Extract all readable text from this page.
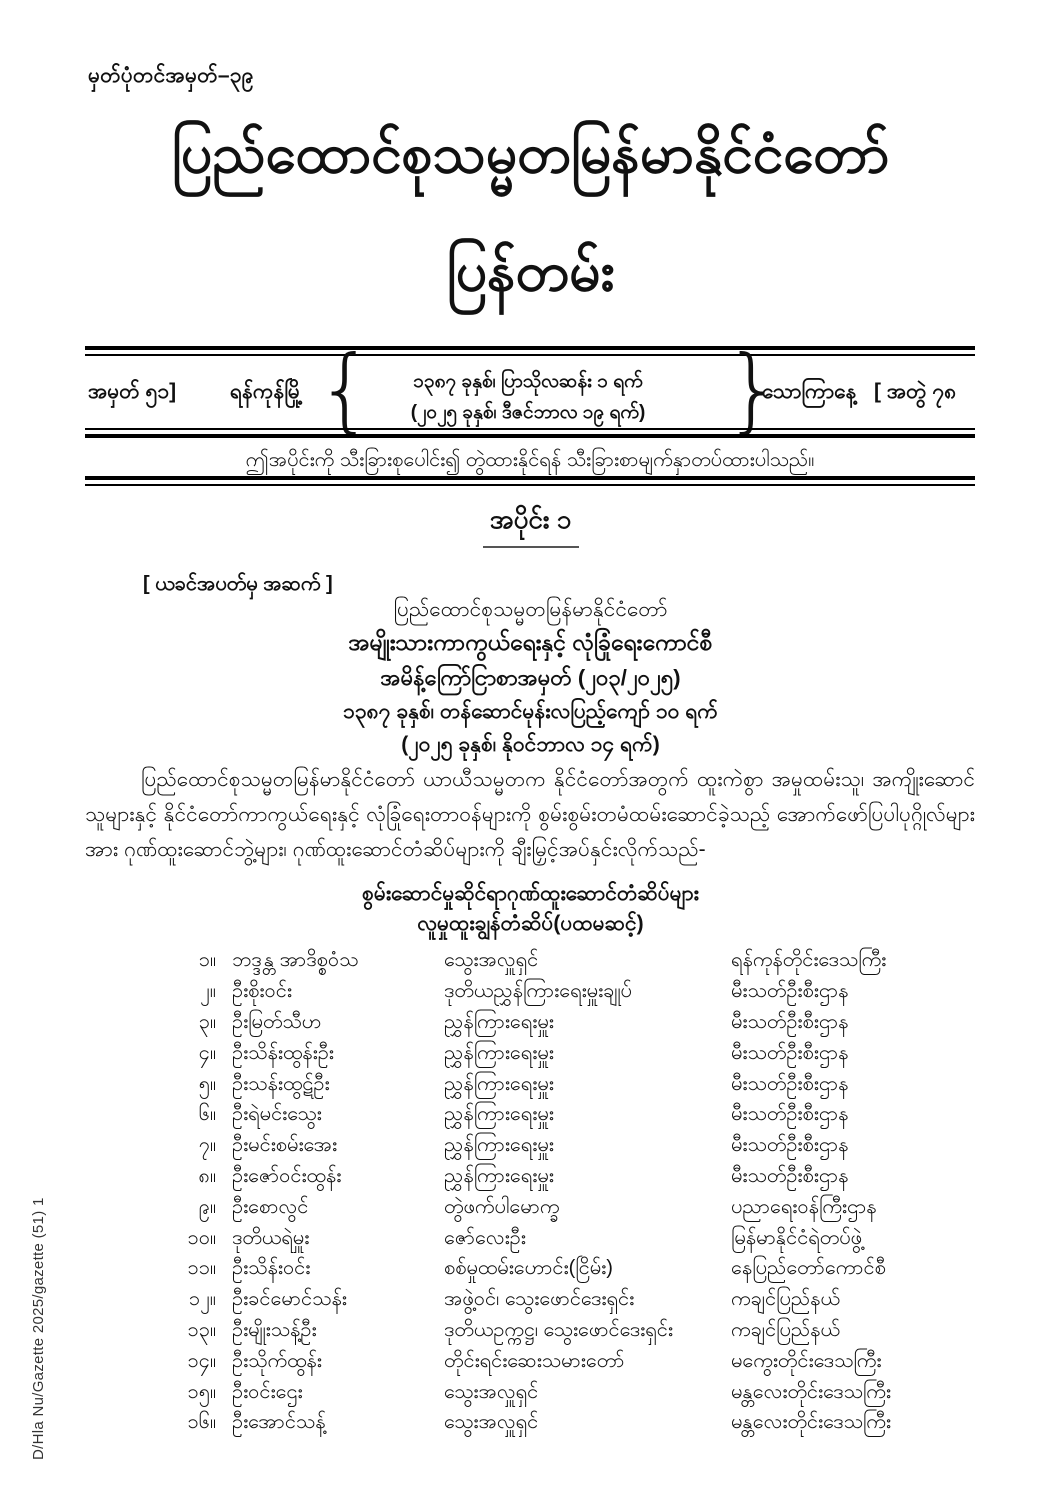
မှတ်ပုံတင်အမှတ်–၃၉
ပြည်ထောင်စုသမ္မတမြန်မာနိုင်ငံတော်
ပြန်တမ်း
အမှတ် ၅၁]	ရန်ကုန်မြို့ {	၁၃၈၇ ခုနှစ်၊ ပြာသိုလဆန်း ၁ ရက်
(၂၀၂၅ ခုနှစ်၊ ဒီဇင်ဘာလ ၁၉ ရက်) }
သောကြာနေ့ [ အတွဲ ၇၈
ဤအပိုင်းကို သီးခြားစုပေါင်း၍ တွဲထားနိုင်ရန် သီးခြားစာမျက်နှာတပ်ထားပါသည်။
အပိုင်း ၁
[ ယခင်အပတ်မှ အဆက် ]
ပြည်ထောင်စုသမ္မတမြန်မာနိုင်ငံတော်
အမျိုးသားကာကွယ်ရေးနှင့် လုံခြုံရေးကောင်စီ
အမိန့်ကြော်ငြာစာအမှတ် (၂၀၃/၂၀၂၅)
၁၃၈၇ ခုနှစ်၊ တန်ဆောင်မုန်းလပြည့်ကျော် ၁၀ ရက်
(၂၀၂၅ ခုနှစ်၊ နိုဝင်ဘာလ ၁၄ ရက်)
ပြည်ထောင်စုသမ္မတမြန်မာနိုင်ငံတော် ယာယီသမ္မတက နိုင်ငံတော်အတွက် ထူးကဲစွာ အမှုထမ်းသူ၊ အကျိုးဆောင်သူများနှင့် နိုင်ငံတော်ကာကွယ်ရေးနှင့် လုံခြုံရေးတာဝန်များကို စွမ်းစွမ်းတမံထမ်းဆောင်ခဲ့သည့် အောက်ဖော်ပြပါပုဂ္ဂိုလ်များအား ဂုဏ်ထူးဆောင်ဘွဲ့များ၊ ဂုဏ်ထူးဆောင်တံဆိပ်များကို ချီးမြှင့်အပ်နှင်းလိုက်သည်-
စွမ်းဆောင်မှုဆိုင်ရာဂုဏ်ထူးဆောင်တံဆိပ်များ
လူမှုထူးချွန်တံဆိပ်(ပထမဆင့်)
၁။ ဘဒ္ဒန္တ အာဒိစ္စဝံသ	သွေးအလှူရှင်	ရန်ကုန်တိုင်းဒေသကြီး
၂။ ဦးစိုးဝင်း	ဒုတိယညွှန်ကြားရေးမှူးချုပ်	မီးသတ်ဦးစီးဌာန
၃။ ဦးမြတ်သီဟ	ညွှန်ကြားရေးမှူး	မီးသတ်ဦးစီးဌာန
၄။ ဦးသိန်းထွန်းဦး	ညွှန်ကြားရေးမှူး	မီးသတ်ဦးစီးဌာန
၅။ ဦးသန်းထွဋ်ဦး	ညွှန်ကြားရေးမှူး	မီးသတ်ဦးစီးဌာန
၆။ ဦးရဲမင်းသွေး	ညွှန်ကြားရေးမှူး	မီးသတ်ဦးစီးဌာန
၇။ ဦးမင်းစမ်းအေး	ညွှန်ကြားရေးမှူး	မီးသတ်ဦးစီးဌာန
၈။ ဦးဇော်ဝင်းထွန်း	ညွှန်ကြားရေးမှူး	မီးသတ်ဦးစီးဌာန
၉။ ဦးစောလွင်	တွဲဖက်ပါမောက္ခ	ပညာရေးဝန်ကြီးဌာန
၁၀။ ဒုတိယရဲမှူး	ဇော်လေးဦး	မြန်မာနိုင်ငံရဲတပ်ဖွဲ့
၁၁။ ဦးသိန်းဝင်း	စစ်မှုထမ်းဟောင်း(ငြိမ်း)	နေပြည်တော်ကောင်စီ
၁၂။ ဦးခင်မောင်သန်း	အဖွဲ့ဝင်၊ သွေးဖောင်ဒေးရှင်း	ကချင်ပြည်နယ်
၁၃။ ဦးမျိုးသန့်ဦး	ဒုတိယဥက္ကဋ္ဌ၊ သွေးဖောင်ဒေးရှင်း	ကချင်ပြည်နယ်
၁၄။ ဦးသိုက်ထွန်း	တိုင်းရင်းဆေးသမားတော်	မကွေးတိုင်းဒေသကြီး
၁၅။ ဦးဝင်းဌေး	သွေးအလှူရှင်	မန္တလေးတိုင်းဒေသကြီး
၁၆။ ဦးအောင်သန့်	သွေးအလှူရှင်	မန္တလေးတိုင်းဒေသကြီး
D/Hla Nu/Gazette 2025/gazette (51) 1
